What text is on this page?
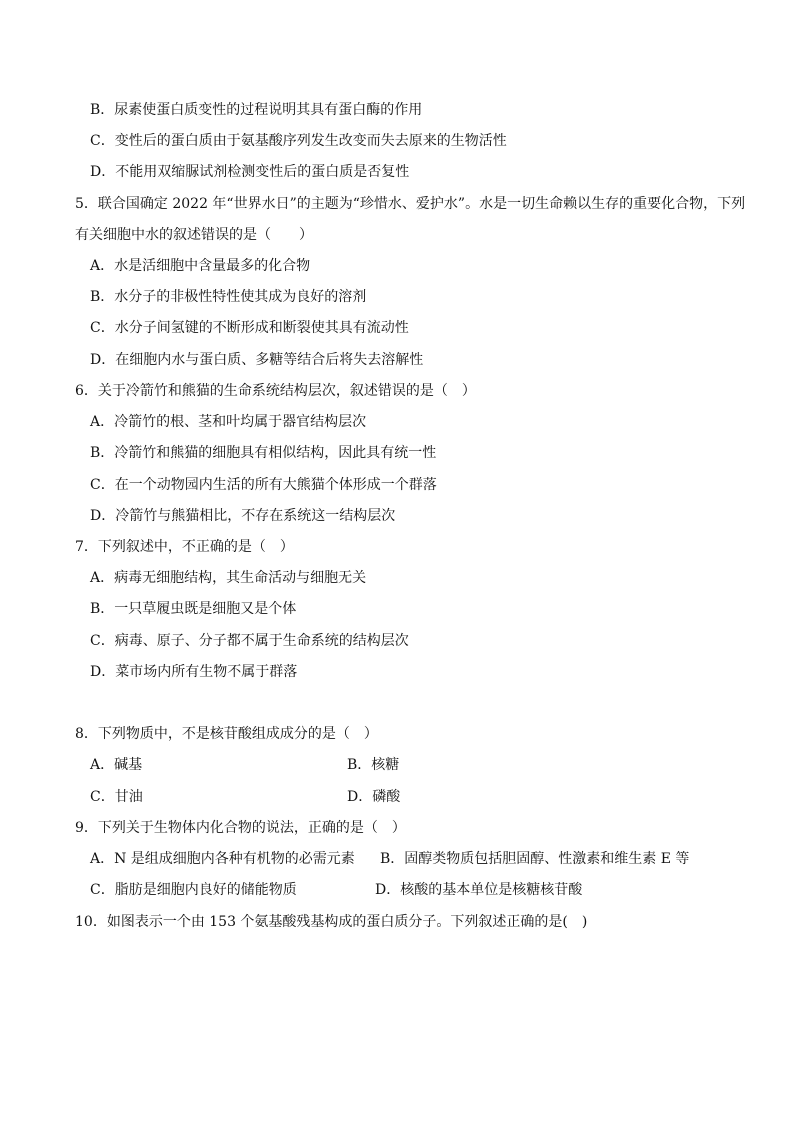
B．尿素使蛋白质变性的过程说明其具有蛋白酶的作用
C．变性后的蛋白质由于氨基酸序列发生改变而失去原来的生物活性
D．不能用双缩脲试剂检测变性后的蛋白质是否复性
5．联合国确定 2022 年“世界水日”的主题为“珍惜水、爱护水”。水是一切生命赖以生存的重要化合物，下列
有关细胞中水的叙述错误的是（　　）
A．水是活细胞中含量最多的化合物
B．水分子的非极性特性使其成为良好的溶剂
C．水分子间氢键的不断形成和断裂使其具有流动性
D．在细胞内水与蛋白质、多糖等结合后将失去溶解性
6．关于冷箭竹和熊猫的生命系统结构层次，叙述错误的是（　）
A．冷箭竹的根、茎和叶均属于器官结构层次
B．冷箭竹和熊猫的细胞具有相似结构，因此具有统一性
C．在一个动物园内生活的所有大熊猫个体形成一个群落
D．冷箭竹与熊猫相比，不存在系统这一结构层次
7．下列叙述中，不正确的是（　）
A．病毒无细胞结构，其生命活动与细胞无关
B．一只草履虫既是细胞又是个体
C．病毒、原子、分子都不属于生命系统的结构层次
D．菜市场内所有生物不属于群落
8．下列物质中，不是核苷酸组成成分的是（　）
A．碱基	B．核糖
C．甘油	D．磷酸
9．下列关于生物体内化合物的说法，正确的是（　）
A．N 是组成细胞内各种有机物的必需元素 B．固醇类物质包括胆固醇、性激素和维生素 E 等
C．脂肪是细胞内良好的储能物质	D．核酸的基本单位是核糖核苷酸
10．如图表示一个由 153 个氨基酸残基构成的蛋白质分子。下列叙述正确的是(　)
